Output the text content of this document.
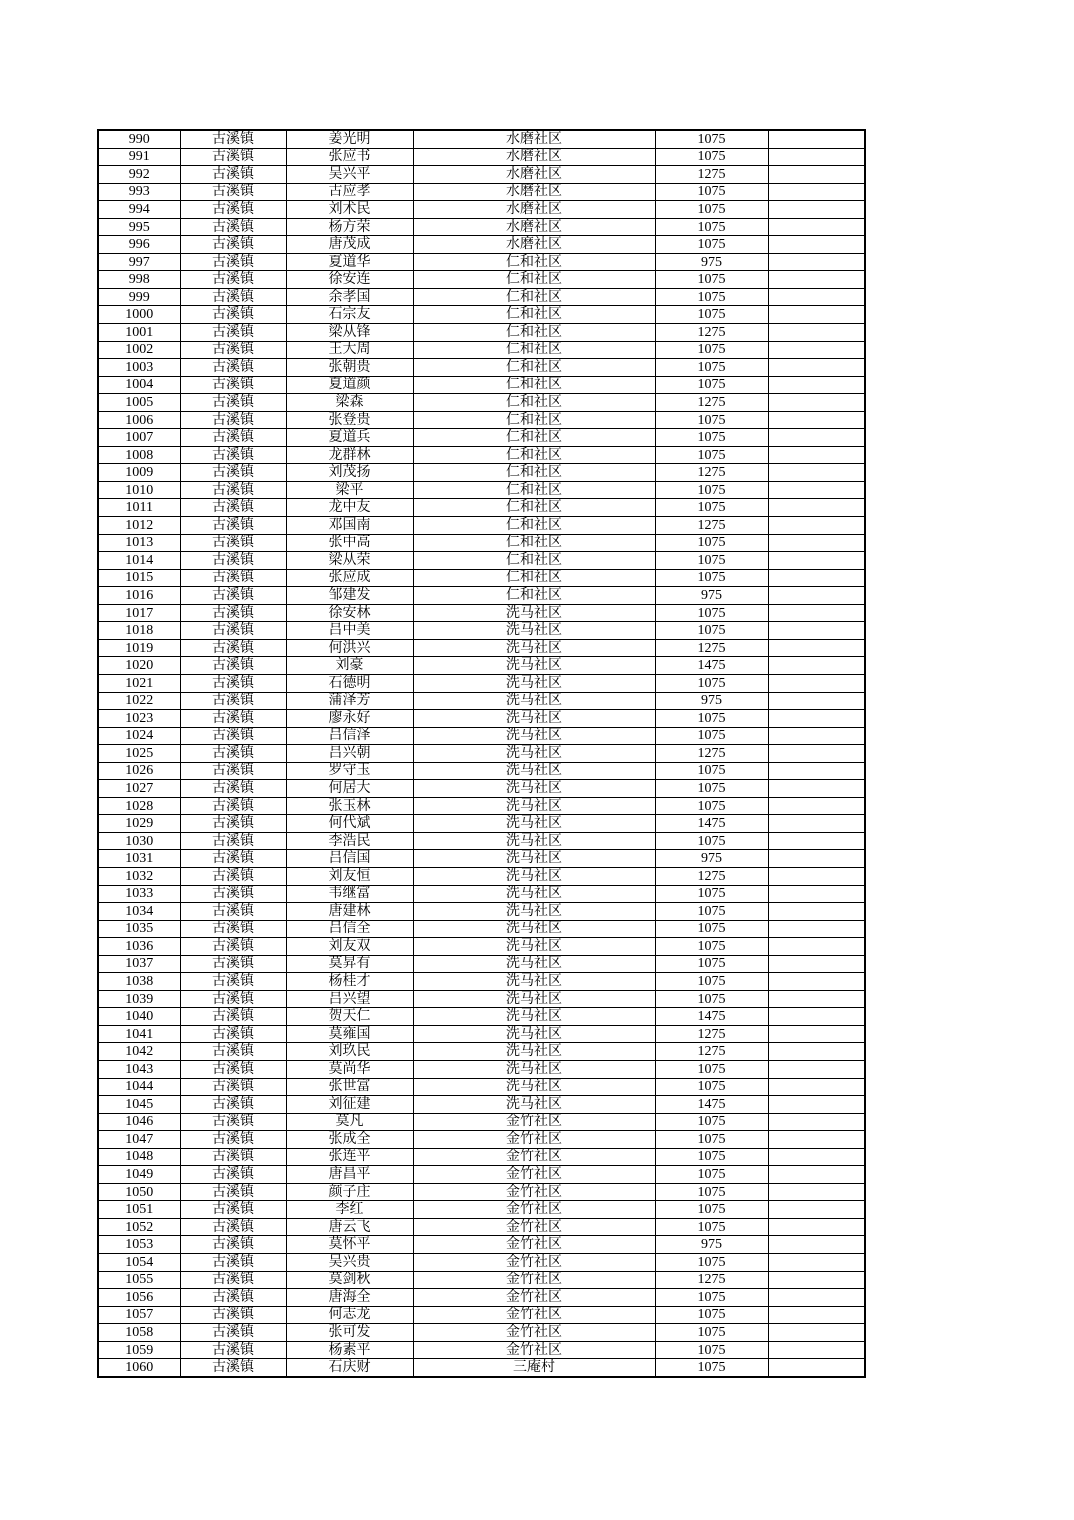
990	古溪镇	姜光明	水磨社区	1075	
991	古溪镇	张应书	水磨社区	1075	
992	古溪镇	吴兴平	水磨社区	1275	
993	古溪镇	古应孝	水磨社区	1075	
994	古溪镇	刘术民	水磨社区	1075	
995	古溪镇	杨方荣	水磨社区	1075	
996	古溪镇	唐茂成	水磨社区	1075	
997	古溪镇	夏道华	仁和社区	975	
998	古溪镇	徐安连	仁和社区	1075	
999	古溪镇	余孝国	仁和社区	1075	
1000	古溪镇	石宗友	仁和社区	1075	
1001	古溪镇	梁从锋	仁和社区	1275	
1002	古溪镇	王大周	仁和社区	1075	
1003	古溪镇	张朝贵	仁和社区	1075	
1004	古溪镇	夏道颜	仁和社区	1075	
1005	古溪镇	梁森	仁和社区	1275	
1006	古溪镇	张登贵	仁和社区	1075	
1007	古溪镇	夏道兵	仁和社区	1075	
1008	古溪镇	龙群林	仁和社区	1075	
1009	古溪镇	刘茂扬	仁和社区	1275	
1010	古溪镇	梁平	仁和社区	1075	
1011	古溪镇	龙中友	仁和社区	1075	
1012	古溪镇	邓国南	仁和社区	1275	
1013	古溪镇	张中高	仁和社区	1075	
1014	古溪镇	梁从荣	仁和社区	1075	
1015	古溪镇	张应成	仁和社区	1075	
1016	古溪镇	邹建发	仁和社区	975	
1017	古溪镇	徐安林	洗马社区	1075	
1018	古溪镇	吕中美	洗马社区	1075	
1019	古溪镇	何洪兴	洗马社区	1275	
1020	古溪镇	刘豪	洗马社区	1475	
1021	古溪镇	石德明	洗马社区	1075	
1022	古溪镇	蒲泽芳	洗马社区	975	
1023	古溪镇	廖永好	洗马社区	1075	
1024	古溪镇	吕信泽	洗马社区	1075	
1025	古溪镇	吕兴朝	洗马社区	1275	
1026	古溪镇	罗守玉	洗马社区	1075	
1027	古溪镇	何居大	洗马社区	1075	
1028	古溪镇	张玉林	洗马社区	1075	
1029	古溪镇	何代斌	洗马社区	1475	
1030	古溪镇	李浩民	洗马社区	1075	
1031	古溪镇	吕信国	洗马社区	975	
1032	古溪镇	刘友恒	洗马社区	1275	
1033	古溪镇	韦继富	洗马社区	1075	
1034	古溪镇	唐建林	洗马社区	1075	
1035	古溪镇	吕信全	洗马社区	1075	
1036	古溪镇	刘友双	洗马社区	1075	
1037	古溪镇	莫昇有	洗马社区	1075	
1038	古溪镇	杨桂才	洗马社区	1075	
1039	古溪镇	吕兴望	洗马社区	1075	
1040	古溪镇	贺天仁	洗马社区	1475	
1041	古溪镇	莫雍国	洗马社区	1275	
1042	古溪镇	刘玖民	洗马社区	1275	
1043	古溪镇	莫尚华	洗马社区	1075	
1044	古溪镇	张世富	洗马社区	1075	
1045	古溪镇	刘征建	洗马社区	1475	
1046	古溪镇	莫凡	金竹社区	1075	
1047	古溪镇	张成全	金竹社区	1075	
1048	古溪镇	张连平	金竹社区	1075	
1049	古溪镇	唐昌平	金竹社区	1075	
1050	古溪镇	颜子庄	金竹社区	1075	
1051	古溪镇	李红	金竹社区	1075	
1052	古溪镇	唐云飞	金竹社区	1075	
1053	古溪镇	莫怀平	金竹社区	975	
1054	古溪镇	吴兴贵	金竹社区	1075	
1055	古溪镇	莫剑秋	金竹社区	1275	
1056	古溪镇	唐海全	金竹社区	1075	
1057	古溪镇	何志龙	金竹社区	1075	
1058	古溪镇	张可发	金竹社区	1075	
1059	古溪镇	杨素平	金竹社区	1075	
1060	古溪镇	石庆财	三庵村	1075	
